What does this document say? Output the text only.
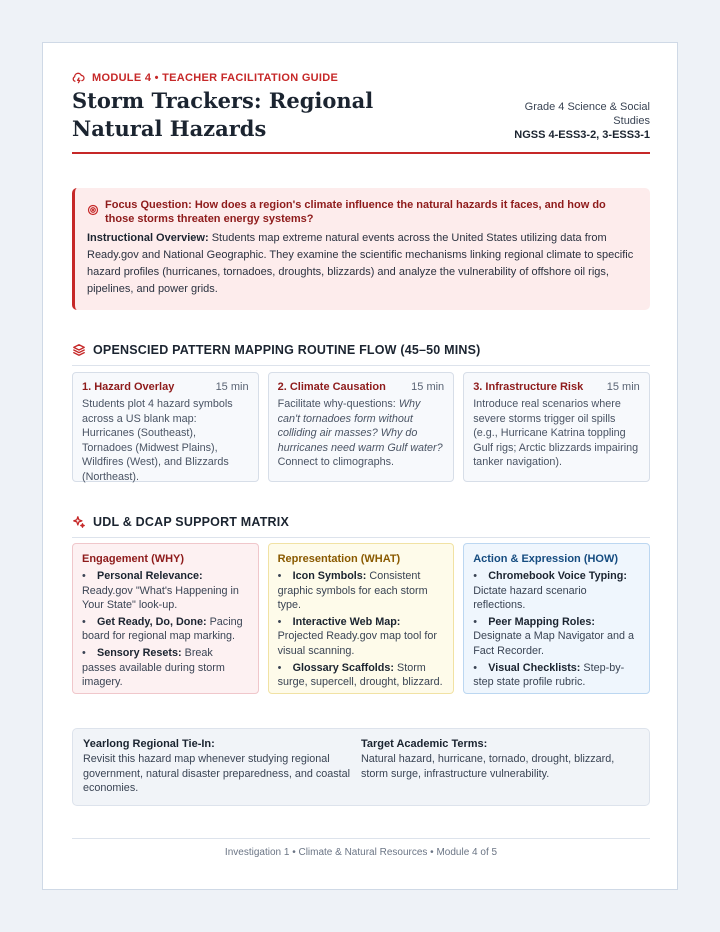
MODULE 4 • TEACHER FACILITATION GUIDE
Storm Trackers: Regional Natural Hazards
Grade 4 Science & Social Studies
NGSS 4-ESS3-2, 3-ESS3-1
Focus Question: How does a region's climate influence the natural hazards it faces, and how do those storms threaten energy systems?

Instructional Overview: Students map extreme natural events across the United States utilizing data from Ready.gov and National Geographic. They examine the scientific mechanisms linking regional climate to specific hazard profiles (hurricanes, tornadoes, droughts, blizzards) and analyze the vulnerability of offshore oil rigs, pipelines, and power grids.

OPENSCIED PATTERN MAPPING ROUTINE FLOW (45–50 MINS)
1. Hazard Overlay	15 min
Students plot 4 hazard symbols across a US blank map: Hurricanes (Southeast), Tornadoes (Midwest Plains), Wildfires (West), and Blizzards (Northeast).
2. Climate Causation 15 min
Facilitate why-questions: Why can't tornadoes form without colliding air masses? Why do hurricanes need warm Gulf water? Connect to climographs.
3. Infrastructure Risk 15 min
Introduce real scenarios where severe storms trigger oil spills (e.g., Hurricane Katrina toppling Gulf rigs; Arctic blizzards impairing tanker navigation).
UDL & DCAP SUPPORT MATRIX
Engagement (WHY)
• Personal Relevance: Ready.gov "What's Happening in Your State" look-up.
• Get Ready, Do, Done: Pacing board for regional map marking.
• Sensory Resets: Break passes available during storm imagery.
Representation (WHAT)
• Icon Symbols: Consistent graphic symbols for each storm type.
• Interactive Web Map: Projected Ready.gov map tool for visual scanning.
• Glossary Scaffolds: Storm surge, supercell, drought, blizzard.
Action & Expression (HOW)
• Chromebook Voice Typing: Dictate hazard scenario reflections.
• Peer Mapping Roles: Designate a Map Navigator and a Fact Recorder.
• Visual Checklists: Step-by-step state profile rubric.
Yearlong Regional Tie-In:
Revisit this hazard map whenever studying regional government, natural disaster preparedness, and coastal economies.
Target Academic Terms:
Natural hazard, hurricane, tornado, drought, blizzard, storm surge, infrastructure vulnerability.
Investigation 1 • Climate & Natural Resources • Module 4 of 5
